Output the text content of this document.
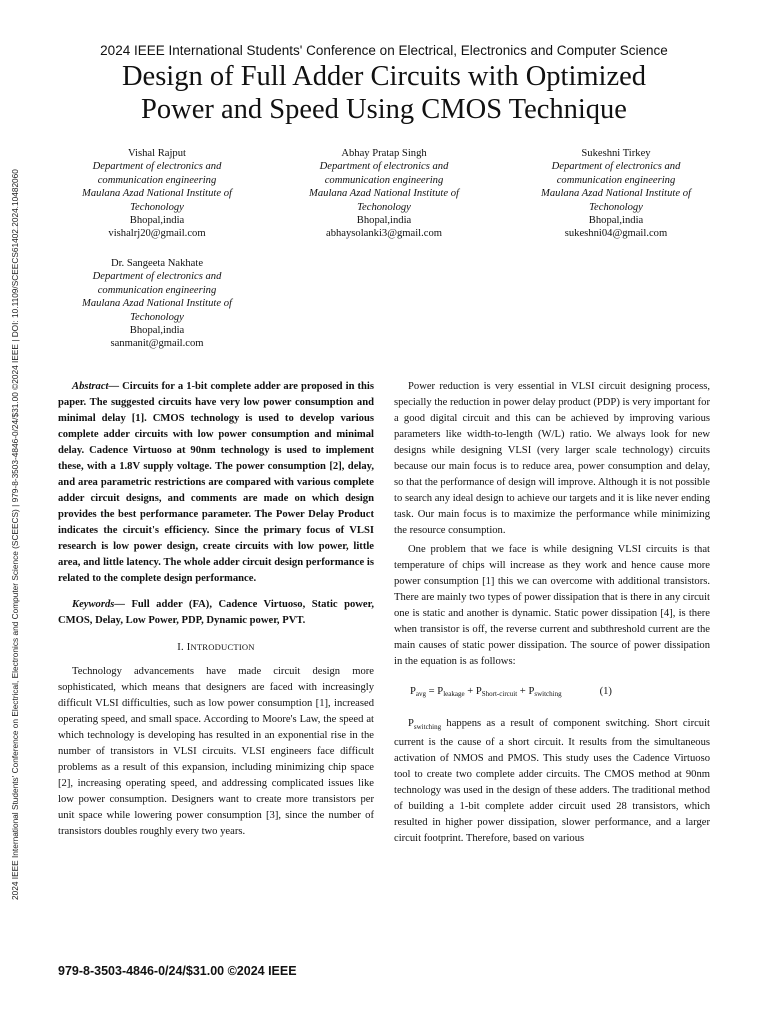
2024 IEEE International Students' Conference on Electrical, Electronics and Computer Science (SCEECS) | 979-8-3503-4846-0/24/$31.00 ©2024 IEEE | DOI: 10.1109/SCEECS61402.2024.10482060
2024 IEEE International Students' Conference on Electrical, Electronics and Computer Science
Design of Full Adder Circuits with Optimized
Power and Speed Using CMOS Technique
Vishal Rajput
Department of electronics and
communication engineering
Maulana Azad National Institute of
Techonology
Bhopal,india
vishalrj20@gmail.com
Abhay Pratap Singh
Department of electronics and
communication engineering
Maulana Azad National Institute of
Techonology
Bhopal,india
abhaysolanki3@gmail.com
Sukeshni Tirkey
Department of electronics and
communication engineering
Maulana Azad National Institute of
Techonology
Bhopal,india
sukeshni04@gmail.com
Dr. Sangeeta Nakhate
Department of electronics and
communication engineering
Maulana Azad National Institute of
Techonology
Bhopal,india
sanmanit@gmail.com

Abstract— Circuits for a 1-bit complete adder are proposed in this paper. The suggested circuits have very low power consumption and minimal delay [1]. CMOS technology is used to develop various complete adder circuits with low power consumption and minimal delay. Cadence Virtuoso at 90nm technology is used to implement these, with a 1.8V supply voltage. The power consumption [2], delay, and area parametric restrictions are compared with various complete adder circuit designs, and comments are made on which design provides the best performance parameter. The Power Delay Product indicates the circuit's efficiency. Since the primary focus of VLSI research is low power design, create circuits with low power, little area, and little latency. The whole adder circuit design performance is related to the complete design performance.

Keywords— Full adder (FA), Cadence Virtuoso, Static power, CMOS, Delay, Low Power, PDP, Dynamic power, PVT.

I. INTRODUCTION

Technology advancements have made circuit design more sophisticated, which means that designers are faced with increasingly difficult VLSI difficulties, such as low power consumption [1], increased operating speed, and small space. According to Moore's Law, the speed at which technology is developing has resulted in an exponential rise in the number of transistors in VLSI circuits. VLSI engineers face difficult problems as a result of this expansion, including minimizing chip space [2], increasing operating speed, and addressing complicated issues like low power consumption. Designers want to create more transistors per unit space while lowering power consumption [3], since the number of transistors doubles roughly every two years.

Power reduction is very essential in VLSI circuit designing process, specially the reduction in power delay product (PDP) is very important for a good digital circuit and this can be achieved by improving various parameters like width-to-length (W/L) ratio. We always look for new designs while designing VLSI (very larger scale technology) circuits because our main focus is to reduce area, power consumption and delay, so that the performance of design will improve. Although it is not possible to search any ideal design to achieve our targets and it is like never ending task. Our main focus is to maximize the performance while minimizing the resource consumption.

One problem that we face is while designing VLSI circuits is that temperature of chips will increase as they work and hence cause more power consumption [1] this we can overcome with additional transistors. There are mainly two types of power dissipation that is there in any circuit one is static and another is dynamic. Static power dissipation [4], is there when transistor is off, the reverse current and subthreshold current are the main causes of static power dissipation. The source of power dissipation in the equation is as follows:

$P_{avg} = P_{leakage} + P_{Short-circuit} + P_{switching}$	(1)

$P_{switching}$ happens as a result of component switching. Short circuit current is the cause of a short circuit. It results from the simultaneous activation of NMOS and PMOS. This study uses the Cadence Virtuoso tool to create two complete adder circuits. The CMOS method at 90nm technology was used in the design of these adders. The traditional method of building a 1-bit complete adder circuit used 28 transistors, which resulted in higher power dissipation, slower performance, and a larger circuit footprint. Therefore, based on various

979-8-3503-4846-0/24/$31.00 ©2024 IEEE
